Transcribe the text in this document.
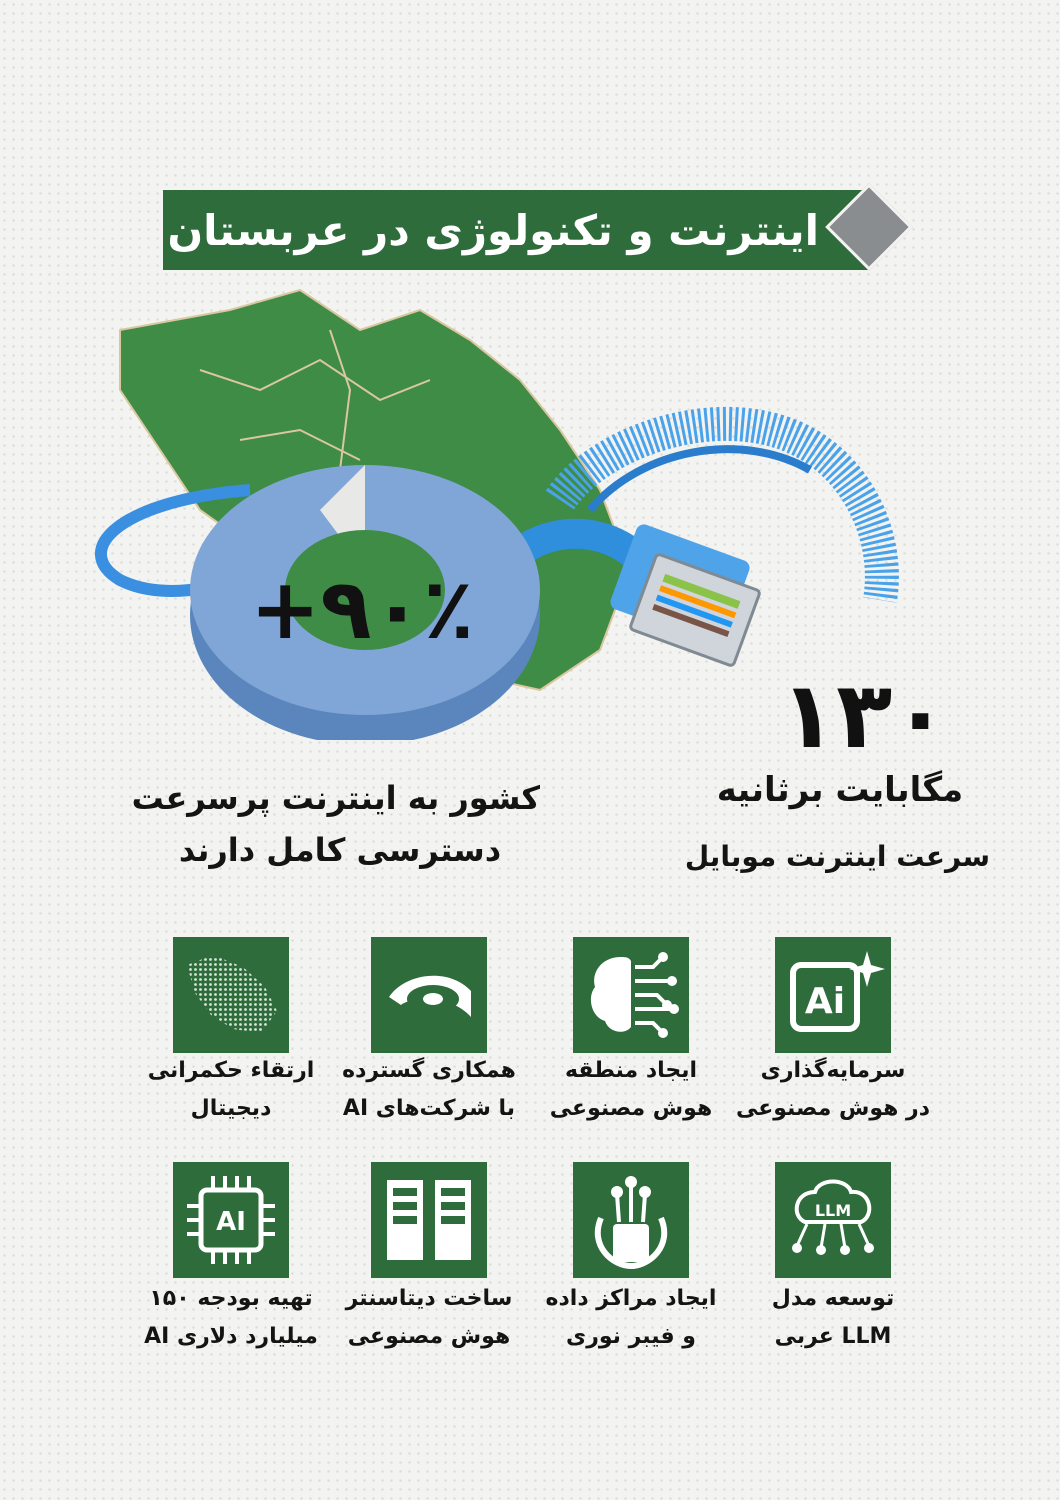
اینترنت و تکنولوژی در عربستان
+۹۰٪
۱۳۰
کشور به اینترنت پرسرعت
دسترسی کامل دارند
مگابایت برثانیه
سرعت اینترنت موبایل
Ai
سرمایه‌گذاری
در هوش مصنوعی
ایجاد منطقه
هوش مصنوعی
همکاری گسترده
با شرکت‌های AI
ارتقاء حکمرانی
دیجیتال
LLM
AI
توسعه مدل
LLM عربی
ایجاد مراکز داده
و فیبر نوری
ساخت دیتاسنتر
هوش مصنوعی
تهیه بودجه ۱۵۰
میلیارد دلاری AI
